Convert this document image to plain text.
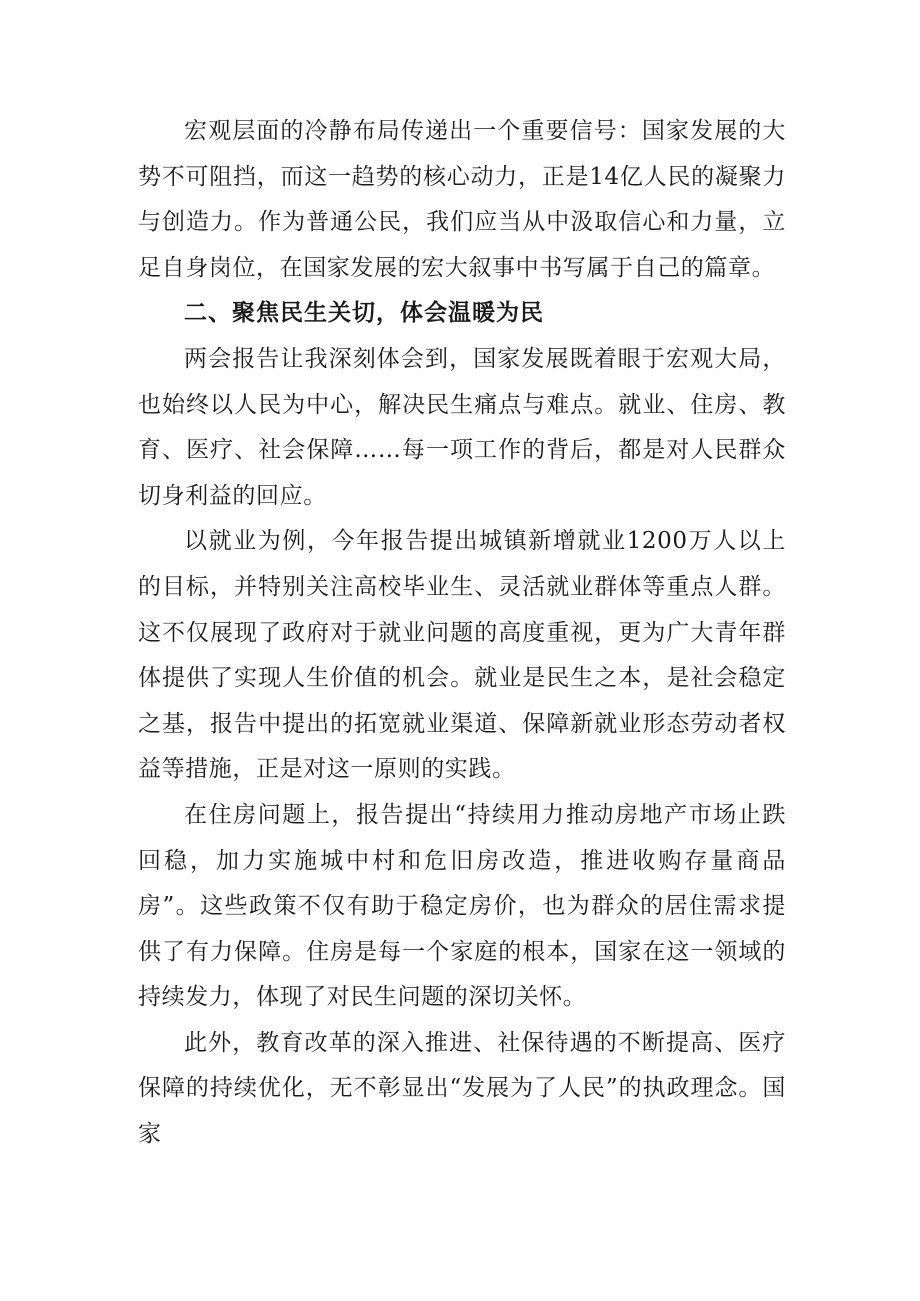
宏观层面的冷静布局传递出一个重要信号：国家发展的大势不可阻挡，而这一趋势的核心动力，正是14亿人民的凝聚力与创造力。作为普通公民，我们应当从中汲取信心和力量，立足自身岗位，在国家发展的宏大叙事中书写属于自己的篇章。

二、聚焦民生关切，体会温暖为民

两会报告让我深刻体会到，国家发展既着眼于宏观大局，也始终以人民为中心，解决民生痛点与难点。就业、住房、教育、医疗、社会保障……每一项工作的背后，都是对人民群众切身利益的回应。

以就业为例，今年报告提出城镇新增就业1200万人以上的目标，并特别关注高校毕业生、灵活就业群体等重点人群。这不仅展现了政府对于就业问题的高度重视，更为广大青年群体提供了实现人生价值的机会。就业是民生之本，是社会稳定之基，报告中提出的拓宽就业渠道、保障新就业形态劳动者权益等措施，正是对这一原则的实践。

在住房问题上，报告提出“持续用力推动房地产市场止跌回稳，加力实施城中村和危旧房改造，推进收购存量商品房”。这些政策不仅有助于稳定房价，也为群众的居住需求提供了有力保障。住房是每一个家庭的根本，国家在这一领域的持续发力，体现了对民生问题的深切关怀。

此外，教育改革的深入推进、社保待遇的不断提高、医疗保障的持续优化，无不彰显出“发展为了人民”的执政理念。国家
